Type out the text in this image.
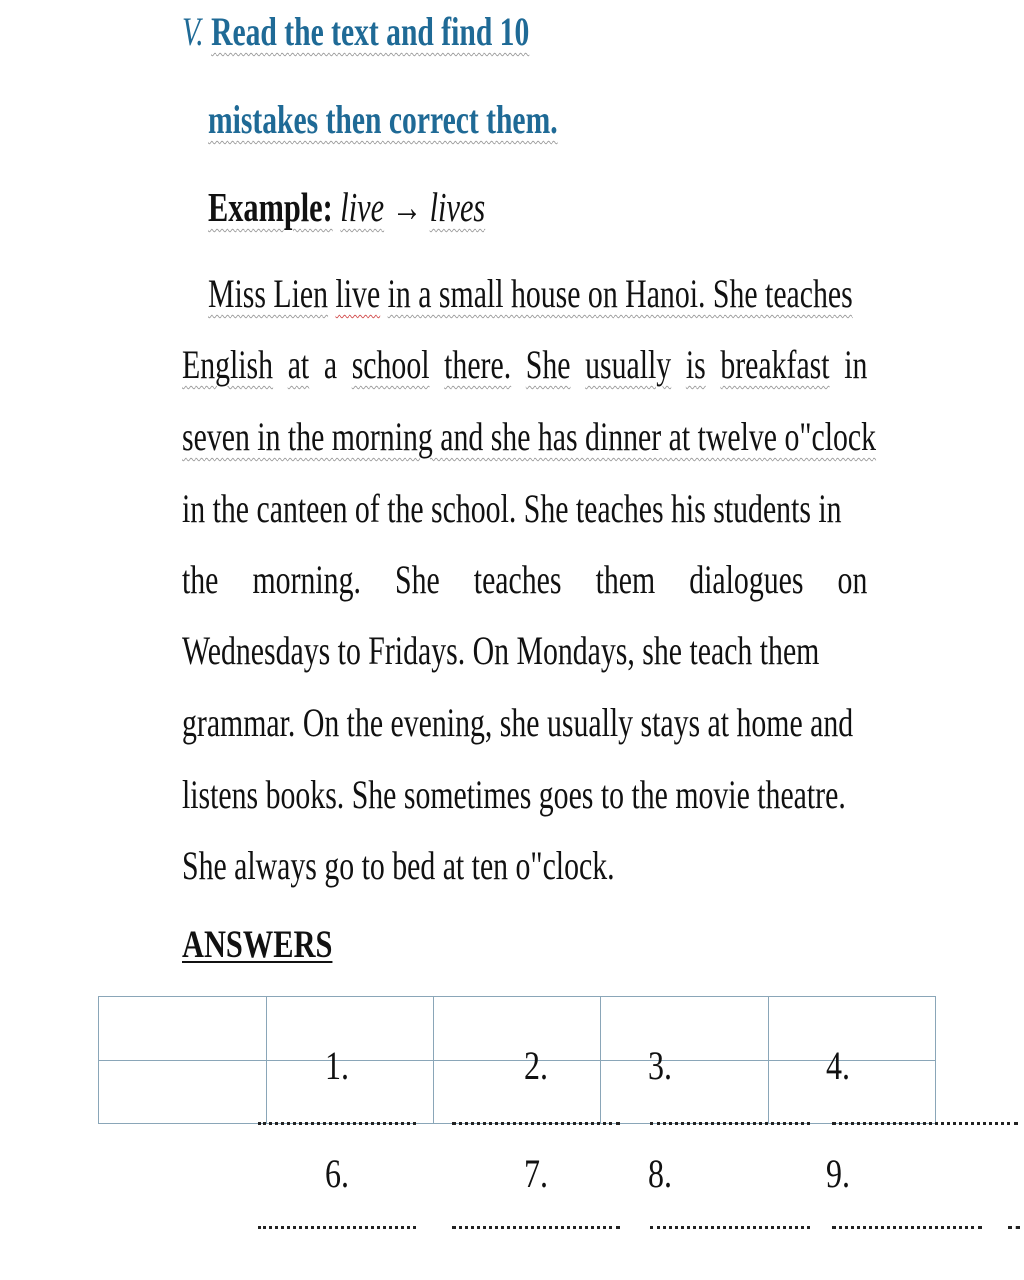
V. Read the text and find 10
mistakes then correct them.
Example: live → lives
Miss Lien live in a small house on Hanoi. She teaches
English at a school there. She usually is breakfast in
seven in the morning and she has dinner at twelve o"clock
in the canteen of the school. She teaches his students in
the morning. She teaches them dialogues on
Wednesdays to Fridays. On Mondays, she teach them
grammar. On the evening, she usually stays at home and
listens books. She sometimes goes to the movie theatre.
She always go to bed at ten o"clock.
ANSWERS
1.	2.	3.	4.
6.	7.	8.	9.
